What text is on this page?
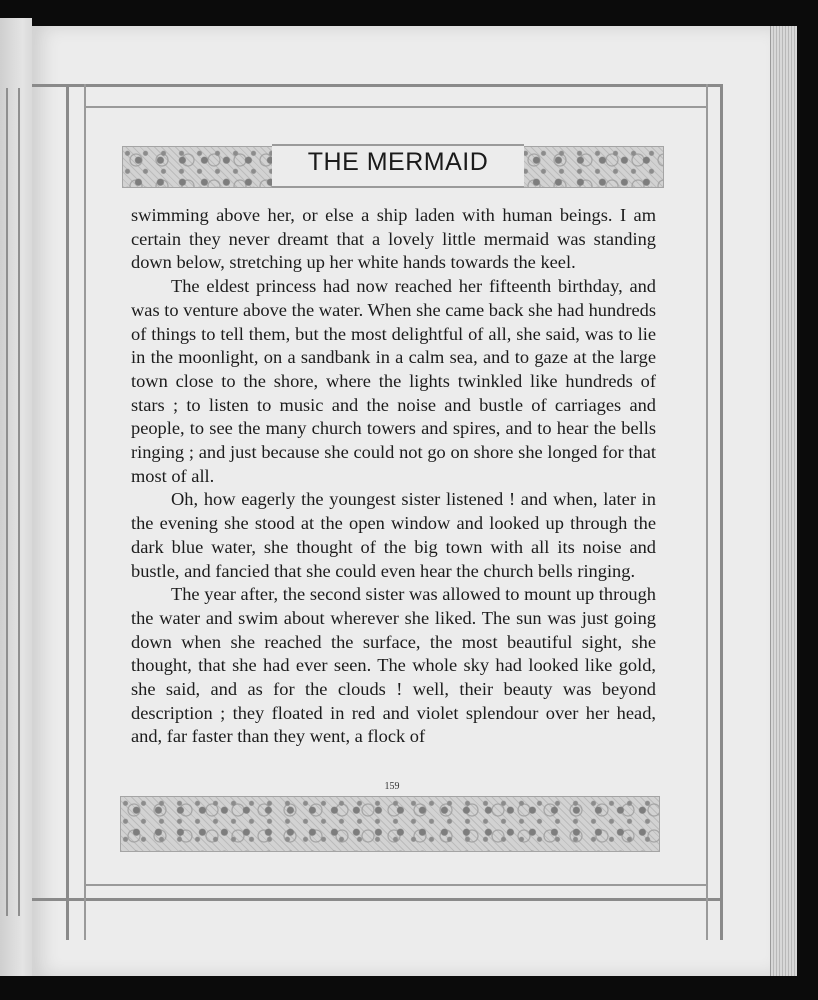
THE MERMAID

swimming above her, or else a ship laden with human beings. I am certain they never dreamt that a lovely little mermaid was standing down below, stretching up her white hands towards the keel.

The eldest princess had now reached her fifteenth birthday, and was to venture above the water. When she came back she had hundreds of things to tell them, but the most delightful of all, she said, was to lie in the moonlight, on a sandbank in a calm sea, and to gaze at the large town close to the shore, where the lights twinkled like hundreds of stars ; to listen to music and the noise and bustle of carriages and people, to see the many church towers and spires, and to hear the bells ringing ; and just because she could not go on shore she longed for that most of all.

Oh, how eagerly the youngest sister listened ! and when, later in the evening she stood at the open window and looked up through the dark blue water, she thought of the big town with all its noise and bustle, and fancied that she could even hear the church bells ringing.

The year after, the second sister was allowed to mount up through the water and swim about wherever she liked. The sun was just going down when she reached the surface, the most beautiful sight, she thought, that she had ever seen. The whole sky had looked like gold, she said, and as for the clouds ! well, their beauty was beyond description ; they floated in red and violet splendour over her head, and, far faster than they went, a flock of

159
